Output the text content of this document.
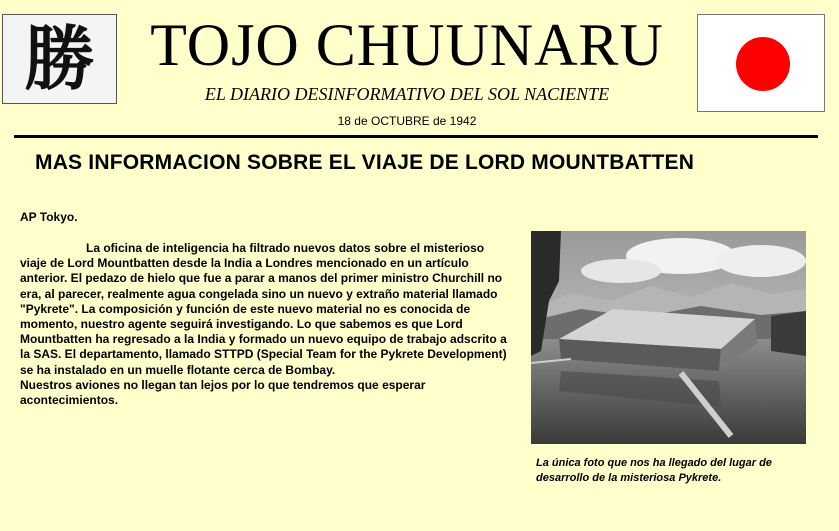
勝 TOJO CHUUNARU
EL DIARIO DESINFORMATIVO DEL SOL NACIENTE
18 de OCTUBRE de 1942
MAS INFORMACION SOBRE EL VIAJE DE LORD MOUNTBATTEN
AP Tokyo.

La oficina de inteligencia ha filtrado nuevos datos sobre el misterioso viaje de Lord Mountbatten desde la India a Londres mencionado en un artículo anterior. El pedazo de hielo que fue a parar a manos del primer ministro Churchill no era, al parecer, realmente agua congelada sino un nuevo y extraño material llamado "Pykrete". La composición y función de este nuevo material no es conocida de momento, nuestro agente seguirá investigando. Lo que sabemos es que Lord Mountbatten ha regresado a la India y formado un nuevo equipo de trabajo adscrito a la SAS. El departamento, llamado STTPD (Special Team for the Pykrete Development) se ha instalado en un muelle flotante cerca de Bombay.

Nuestros aviones no llegan tan lejos por lo que tendremos que esperar acontecimientos.

La única foto que nos ha llegado del lugar de desarrollo de la misteriosa Pykrete.
